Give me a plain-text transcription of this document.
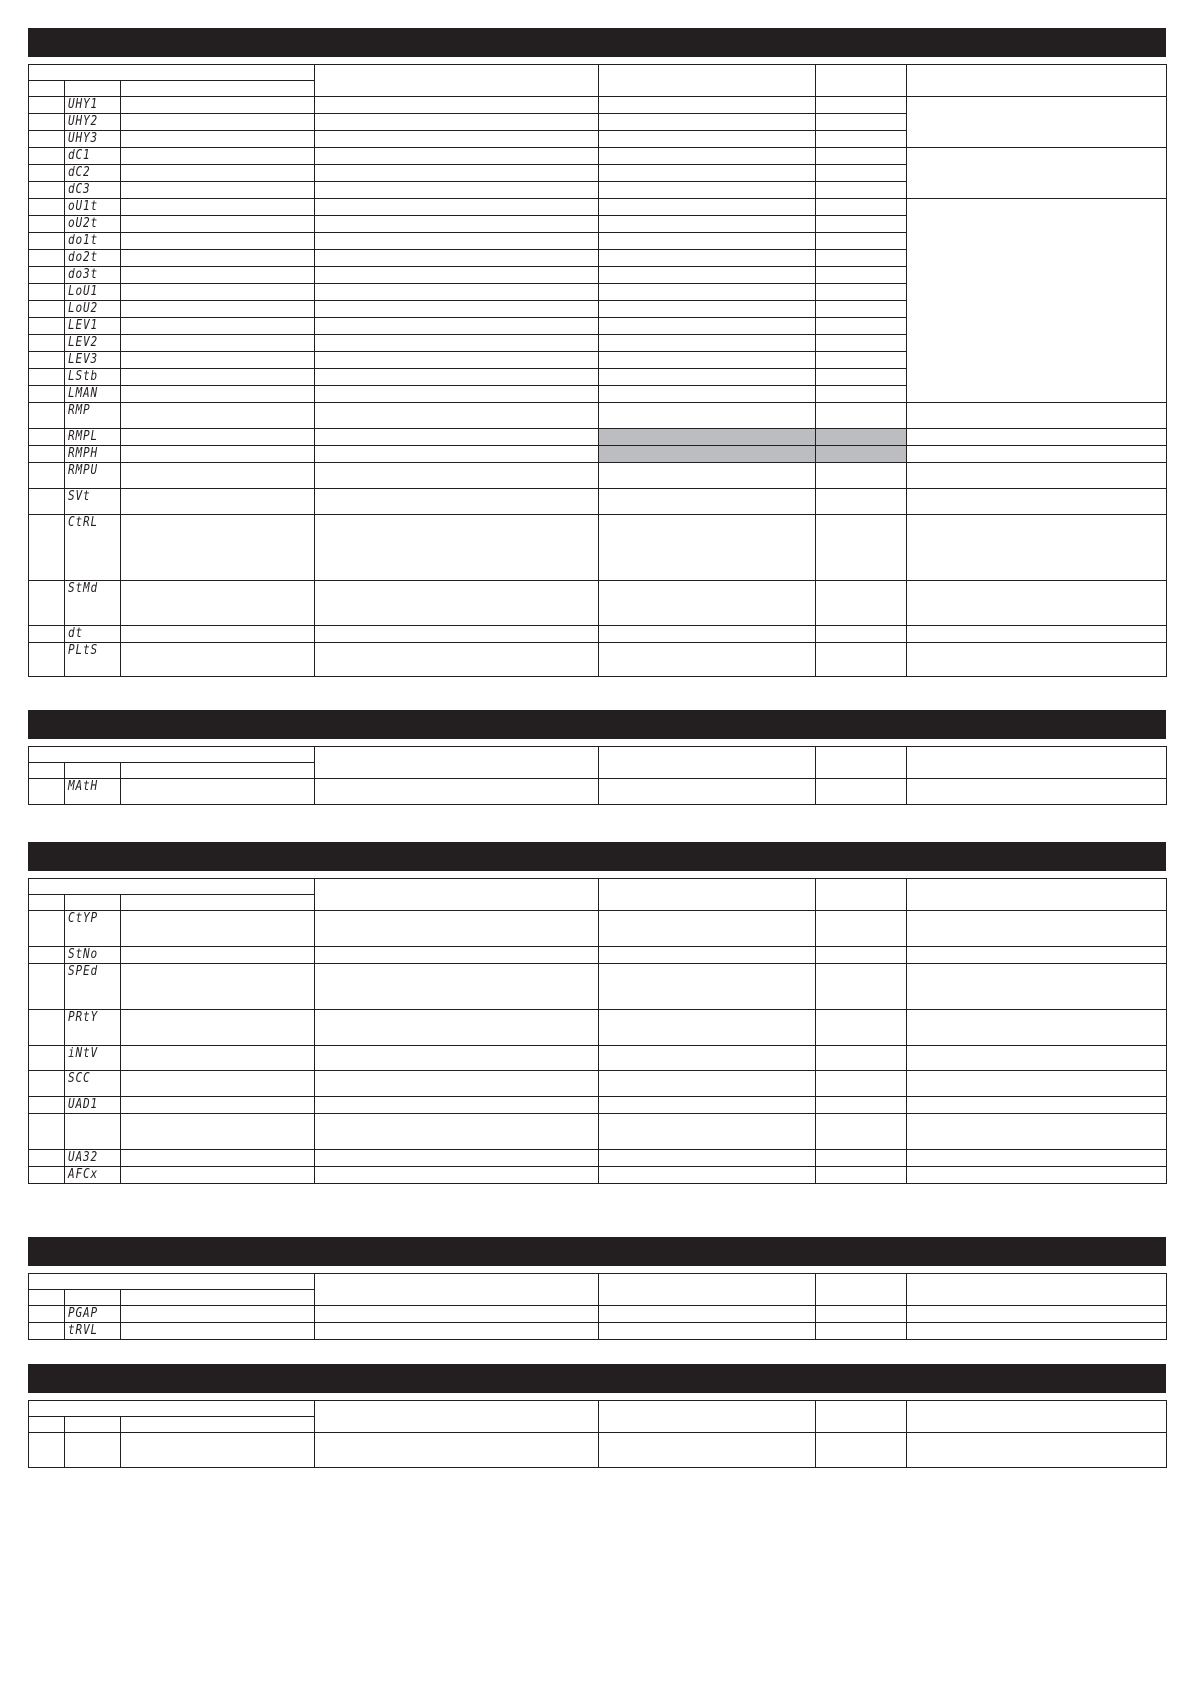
	UHY1					
	UHY2					
	UHY3					
	dC1					
	dC2					
	dC3					
	oU1t					
	oU2t					
	do1t					
	do2t					
	do3t					
	LoU1					
	LoU2					
	LEV1					
	LEV2					
	LEV3					
	LStb					
	LMAN					
	RMP					
	RMPL					
	RMPH					
	RMPU					
	SVt					
	CtRL					
	StMd					
	dt					
	PLtS					

	MAtH					

	CtYP					
	StNo					
	SPEd					
	PRtY					
	iNtV					
	SCC					
	UAD1					

	UA32					
	AFCx					

	PGAP					
	tRVL					
